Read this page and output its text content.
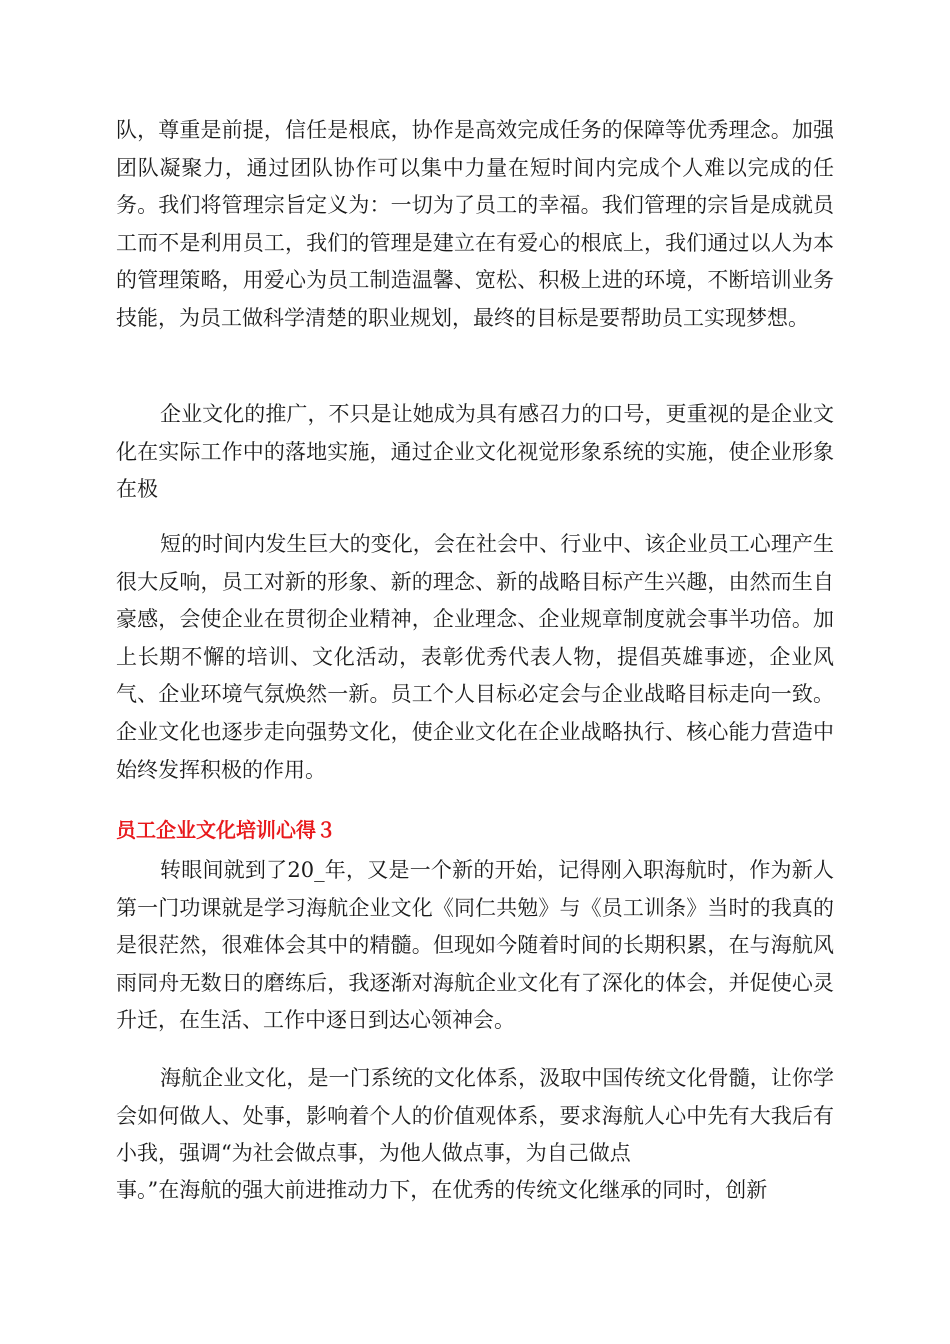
队，尊重是前提，信任是根底，协作是高效完成任务的保障等优秀理念。加强团队凝聚力，通过团队协作可以集中力量在短时间内完成个人难以完成的任务。我们将管理宗旨定义为：一切为了员工的幸福。我们管理的宗旨是成就员工而不是利用员工，我们的管理是建立在有爱心的根底上，我们通过以人为本的管理策略，用爱心为员工制造温馨、宽松、积极上进的环境，不断培训业务技能，为员工做科学清楚的职业规划，最终的目标是要帮助员工实现梦想。

企业文化的推广，不只是让她成为具有感召力的口号，更重视的是企业文化在实际工作中的落地实施，通过企业文化视觉形象系统的实施，使企业形象在极

短的时间内发生巨大的变化，会在社会中、行业中、该企业员工心理产生很大反响，员工对新的形象、新的理念、新的战略目标产生兴趣，由然而生自豪感，会使企业在贯彻企业精神，企业理念、企业规章制度就会事半功倍。加上长期不懈的培训、文化活动，表彰优秀代表人物，提倡英雄事迹，企业风气、企业环境气氛焕然一新。员工个人目标必定会与企业战略目标走向一致。企业文化也逐步走向强势文化，使企业文化在企业战略执行、核心能力营造中始终发挥积极的作用。

员工企业文化培训心得３

转眼间就到了20_年，又是一个新的开始，记得刚入职海航时，作为新人第一门功课就是学习海航企业文化《同仁共勉》与《员工训条》当时的我真的是很茫然，很难体会其中的精髓。但现如今随着时间的长期积累，在与海航风雨同舟无数日的磨练后，我逐渐对海航企业文化有了深化的体会，并促使心灵升迁，在生活、工作中逐日到达心领神会。

海航企业文化，是一门系统的文化体系，汲取中国传统文化骨髓，让你学会如何做人、处事，影响着个人的价值观体系，要求海航人心中先有大我后有小我，强调“为社会做点事，为他人做点事，为自己做点

事。”在海航的强大前进推动力下，在优秀的传统文化继承的同时，创新
